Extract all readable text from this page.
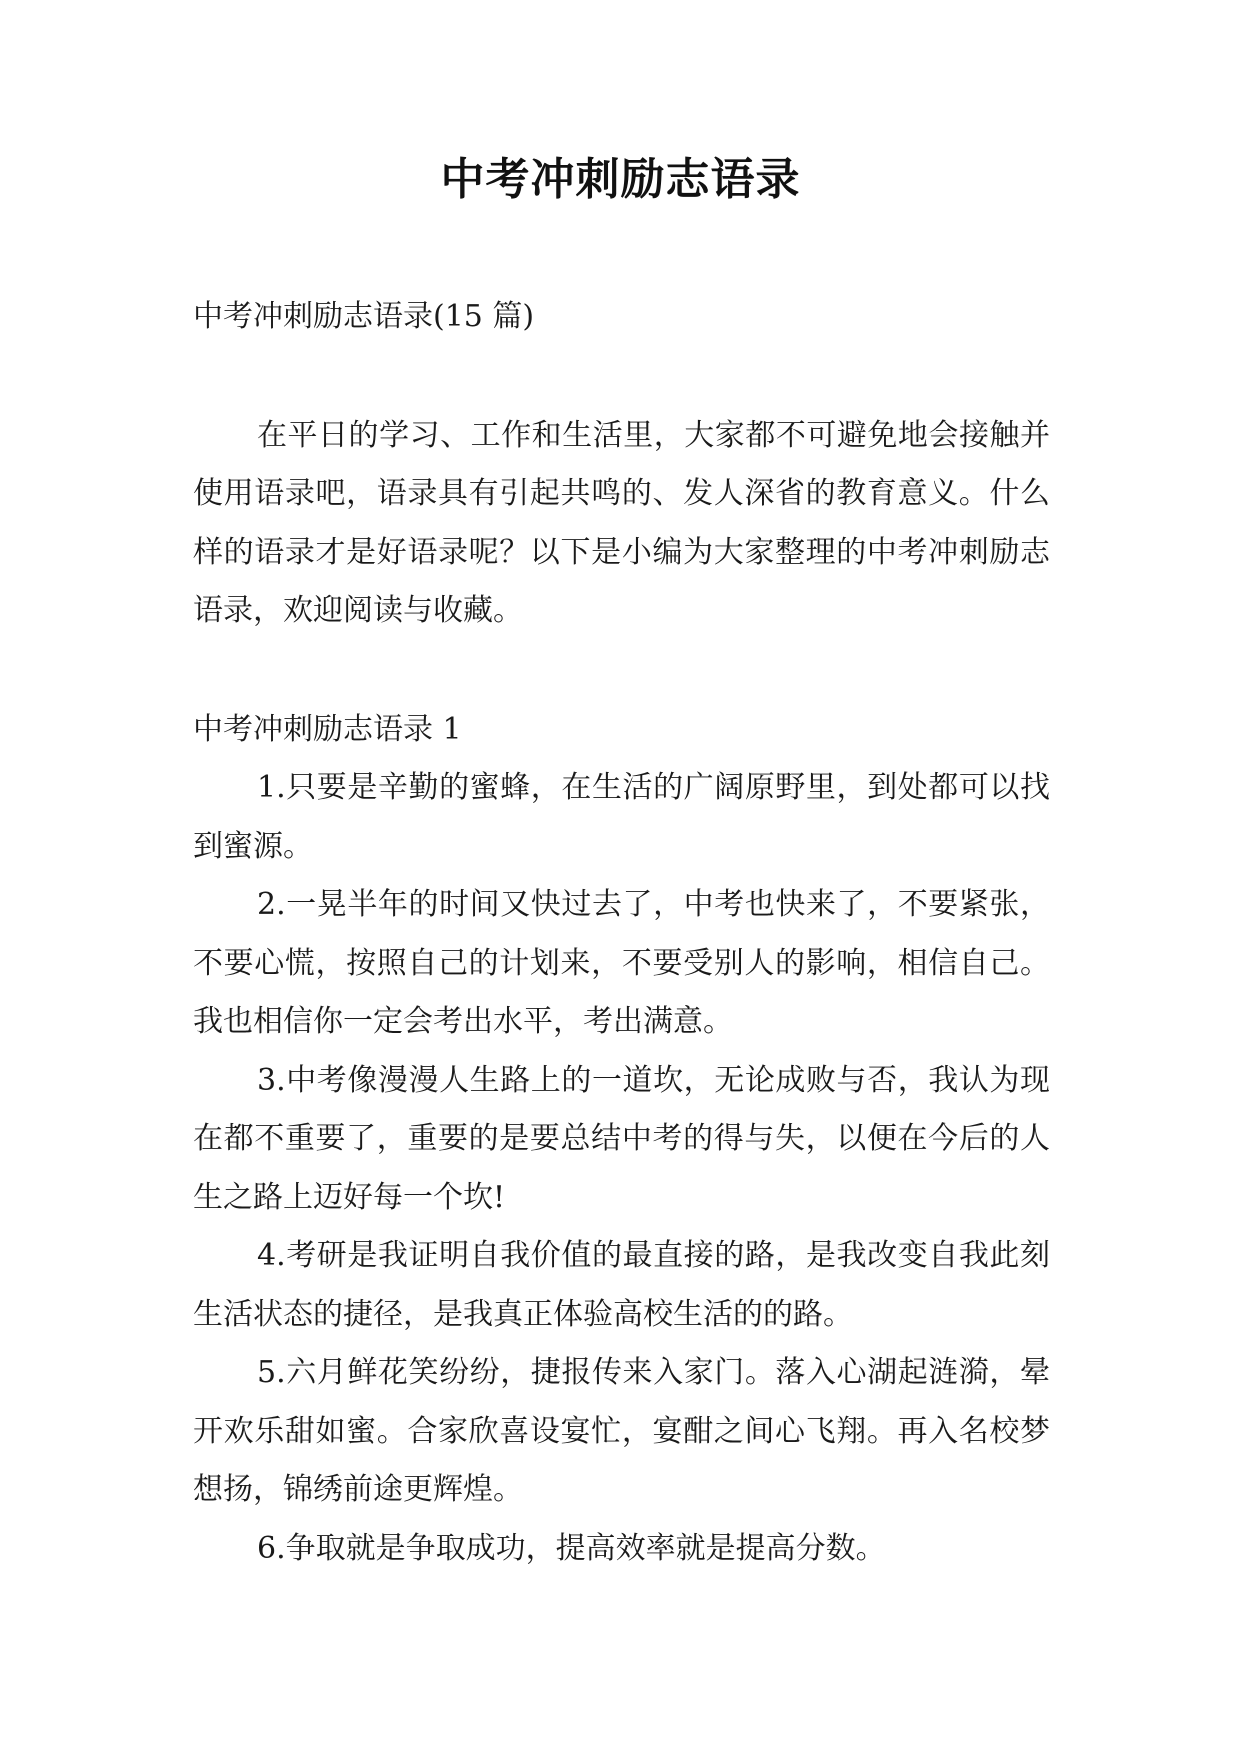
中考冲刺励志语录

中考冲刺励志语录(15 篇)

在平日的学习、工作和生活里，大家都不可避免地会接触并使用语录吧，语录具有引起共鸣的、发人深省的教育意义。什么样的语录才是好语录呢？以下是小编为大家整理的中考冲刺励志语录，欢迎阅读与收藏。

中考冲刺励志语录 1

1.只要是辛勤的蜜蜂，在生活的广阔原野里，到处都可以找到蜜源。

2.一晃半年的时间又快过去了，中考也快来了，不要紧张，不要心慌，按照自己的计划来，不要受别人的影响，相信自己。我也相信你一定会考出水平，考出满意。

3.中考像漫漫人生路上的一道坎，无论成败与否，我认为现在都不重要了，重要的是要总结中考的得与失，以便在今后的人生之路上迈好每一个坎!

4.考研是我证明自我价值的最直接的路，是我改变自我此刻生活状态的捷径，是我真正体验高校生活的的路。

5.六月鲜花笑纷纷，捷报传来入家门。落入心湖起涟漪，晕开欢乐甜如蜜。合家欣喜设宴忙，宴酣之间心飞翔。再入名校梦想扬，锦绣前途更辉煌。

6.争取就是争取成功，提高效率就是提高分数。
